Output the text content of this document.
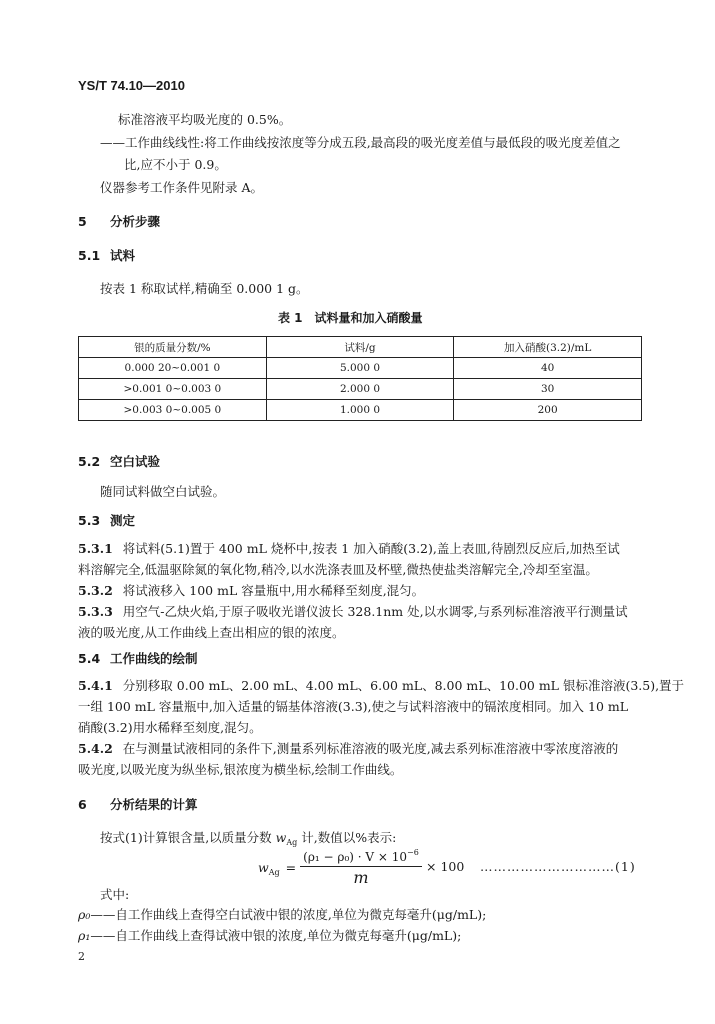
YS/T 74.10—2010
标准溶液平均吸光度的 0.5%。
——工作曲线线性:将工作曲线按浓度等分成五段,最高段的吸光度差值与最低段的吸光度差值之
比,应不小于 0.9。
仪器参考工作条件见附录 A。
5 分析步骤
5.1 试料
按表 1 称取试样,精确至 0.000 1 g。
表 1　试料量和加入硝酸量
银的质量分数/%	试料/g	加入硝酸(3.2)/mL
0.000 20~0.001 0	5.000 0	40
>0.001 0~0.003 0	2.000 0	30
>0.003 0~0.005 0	1.000 0	200
5.2 空白试验
随同试料做空白试验。
5.3 测定
5.3.1 将试料(5.1)置于 400 mL 烧杯中,按表 1 加入硝酸(3.2),盖上表皿,待剧烈反应后,加热至试
料溶解完全,低温驱除氮的氧化物,稍冷,以水洗涤表皿及杯壁,微热使盐类溶解完全,冷却至室温。
5.3.2 将试液移入 100 mL 容量瓶中,用水稀释至刻度,混匀。
5.3.3 用空气-乙炔火焰,于原子吸收光谱仪波长 328.1nm 处,以水调零,与系列标准溶液平行测量试
液的吸光度,从工作曲线上查出相应的银的浓度。
5.4 工作曲线的绘制
5.4.1 分别移取 0.00 mL、2.00 mL、4.00 mL、6.00 mL、8.00 mL、10.00 mL 银标准溶液(3.5),置于
一组 100 mL 容量瓶中,加入适量的镉基体溶液(3.3),使之与试料溶液中的镉浓度相同。加入 10 mL
硝酸(3.2)用水稀释至刻度,混匀。
5.4.2 在与测量试液相同的条件下,测量系列标准溶液的吸光度,减去系列标准溶液中零浓度溶液的
吸光度,以吸光度为纵坐标,银浓度为横坐标,绘制工作曲线。
6 分析结果的计算
按式(1)计算银含量,以质量分数 $w_{Ag}$ 计,数值以%表示:
$w_{Ag}$ =
$(\rho_1 - \rho_0) \cdot V \times 10^{-6}$
m
× 100 …………………………(1)
式中:
ρ₀——自工作曲线上查得空白试液中银的浓度,单位为微克每毫升(μg/mL);
ρ₁——自工作曲线上查得试液中银的浓度,单位为微克每毫升(μg/mL);
2
